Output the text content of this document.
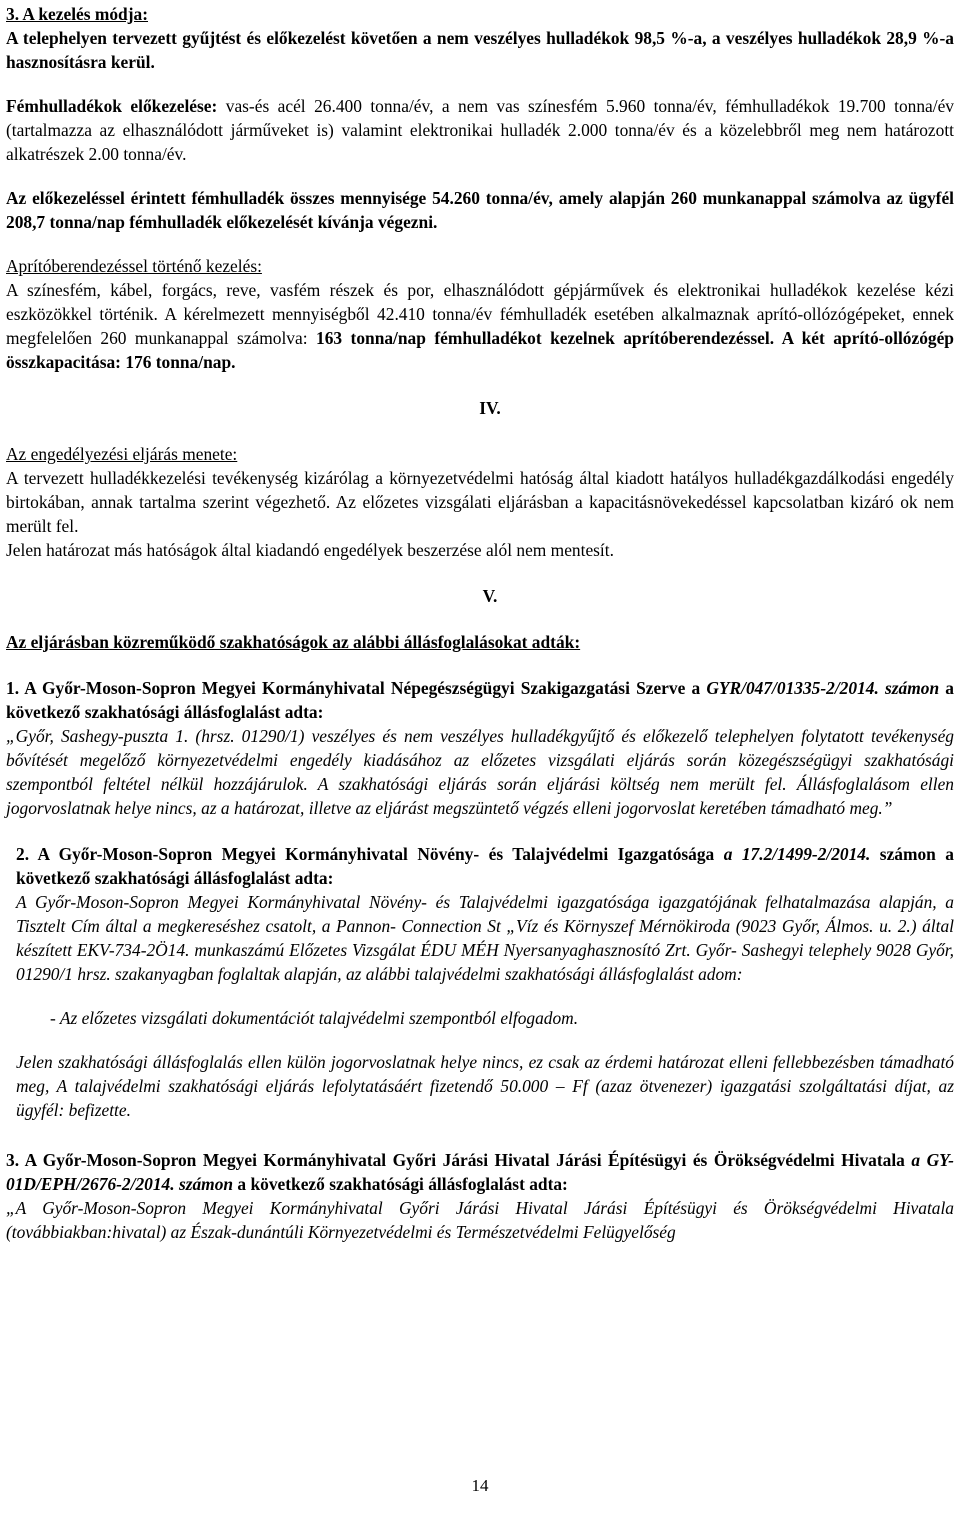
3. A kezelés módja:

A telephelyen tervezett gyűjtést és előkezelést követően a nem veszélyes hulladékok 98,5 %-a, a veszélyes hulladékok 28,9 %-a hasznosításra kerül.

Fémhulladékok előkezelése: vas-és acél 26.400 tonna/év, a nem vas színesfém 5.960 tonna/év, fémhulladékok 19.700 tonna/év (tartalmazza az elhasználódott járműveket is) valamint elektronikai hulladék 2.000 tonna/év és a közelebbről meg nem határozott alkatrészek 2.00 tonna/év.

Az előkezeléssel érintett fémhulladék összes mennyisége 54.260 tonna/év, amely alapján 260 munkanappal számolva az ügyfél 208,7 tonna/nap fémhulladék előkezelését kívánja végezni.

Aprítóberendezéssel történő kezelés:

A színesfém, kábel, forgács, reve, vasfém részek és por, elhasználódott gépjárművek és elektronikai hulladékok kezelése kézi eszközökkel történik. A kérelmezett mennyiségből 42.410 tonna/év fémhulladék esetében alkalmaznak aprító-ollózógépeket, ennek megfelelően 260 munkanappal számolva: 163 tonna/nap fémhulladékot kezelnek aprítóberendezéssel. A két aprító-ollózógép összkapacitása: 176 tonna/nap.

IV.

Az engedélyezési eljárás menete:

A tervezett hulladékkezelési tevékenység kizárólag a környezetvédelmi hatóság által kiadott hatályos hulladékgazdálkodási engedély birtokában, annak tartalma szerint végezhető. Az előzetes vizsgálati eljárásban a kapacitásnövekedéssel kapcsolatban kizáró ok nem merült fel.

Jelen határozat más hatóságok által kiadandó engedélyek beszerzése alól nem mentesít.

V.

Az eljárásban közreműködő szakhatóságok az alábbi állásfoglalásokat adták:

1. A Győr-Moson-Sopron Megyei Kormányhivatal Népegészségügyi Szakigazgatási Szerve a GYR/047/01335-2/2014. számon a következő szakhatósági állásfoglalást adta:

„Győr, Sashegy-puszta 1. (hrsz. 01290/1) veszélyes és nem veszélyes hulladékgyűjtő és előkezelő telephelyen folytatott tevékenység bővítését megelőző környezetvédelmi engedély kiadásához az előzetes vizsgálati eljárás során közegészségügyi szakhatósági szempontból feltétel nélkül hozzájárulok. A szakhatósági eljárás során eljárási költség nem merült fel. Állásfoglalásom ellen jogorvoslatnak helye nincs, az a határozat, illetve az eljárást megszüntető végzés elleni jogorvoslat keretében támadható meg.”

2. A Győr-Moson-Sopron Megyei Kormányhivatal Növény- és Talajvédelmi Igazgatósága a 17.2/1499-2/2014. számon a következő szakhatósági állásfoglalást adta:

A Győr-Moson-Sopron Megyei Kormányhivatal Növény- és Talajvédelmi igazgatósága igazgatójának felhatalmazása alapján, a Tisztelt Cím által a megkereséshez csatolt, a Pannon- Connection St „Víz és Környszef Mérnökiroda (9023 Győr, Álmos. u. 2.) által készített EKV-734-2Ö14. munkaszámú Előzetes Vizsgálat ÉDU MÉH Nyersanyaghasznosító Zrt. Győr- Sashegyi telephely 9028 Győr, 01290/1 hrsz. szakanyagban foglaltak alapján, az alábbi talajvédelmi szakhatósági állásfoglalást adom:

- Az előzetes vizsgálati dokumentációt talajvédelmi szempontból elfogadom.

Jelen szakhatósági állásfoglalás ellen külön jogorvoslatnak helye nincs, ez csak az érdemi határozat elleni fellebbezésben támadható meg, A talajvédelmi szakhatósági eljárás lefolytatásáért fizetendő 50.000 – Ff (azaz ötvenezer) igazgatási szolgáltatási díjat, az ügyfél: befizette.

3. A Győr-Moson-Sopron Megyei Kormányhivatal Győri Járási Hivatal Járási Építésügyi és Örökségvédelmi Hivatala a GY-01D/EPH/2676-2/2014. számon a következő szakhatósági állásfoglalást adta:

„A Győr-Moson-Sopron Megyei Kormányhivatal Győri Járási Hivatal Járási Építésügyi és Örökségvédelmi Hivatala (továbbiakban:hivatal) az Észak-dunántúli Környezetvédelmi és Természetvédelmi Felügyelőség

14
